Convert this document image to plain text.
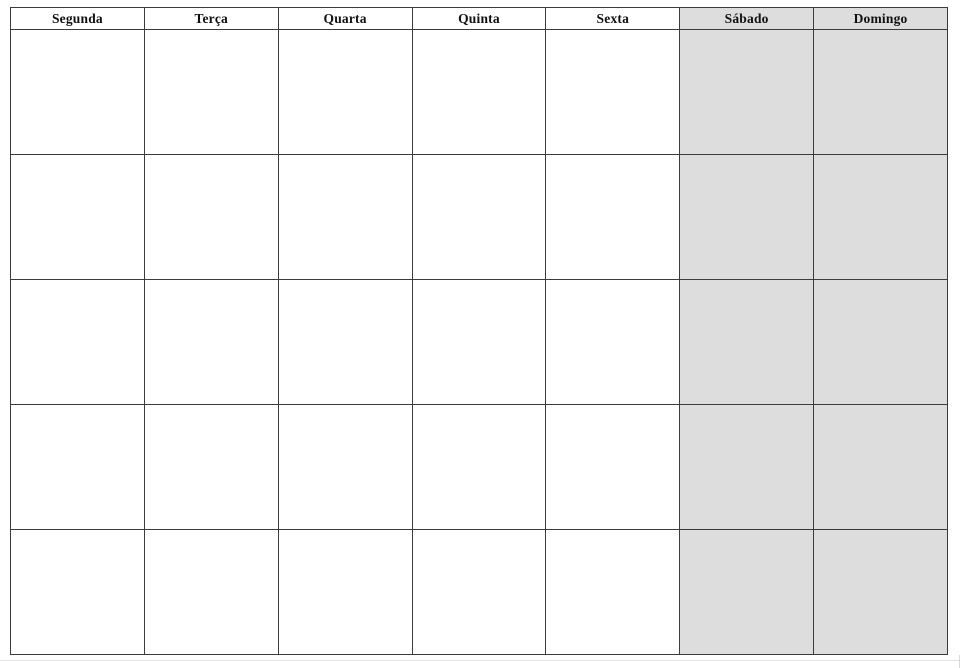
Segunda	Terça	Quarta	Quinta	Sexta	Sábado	Domingo
